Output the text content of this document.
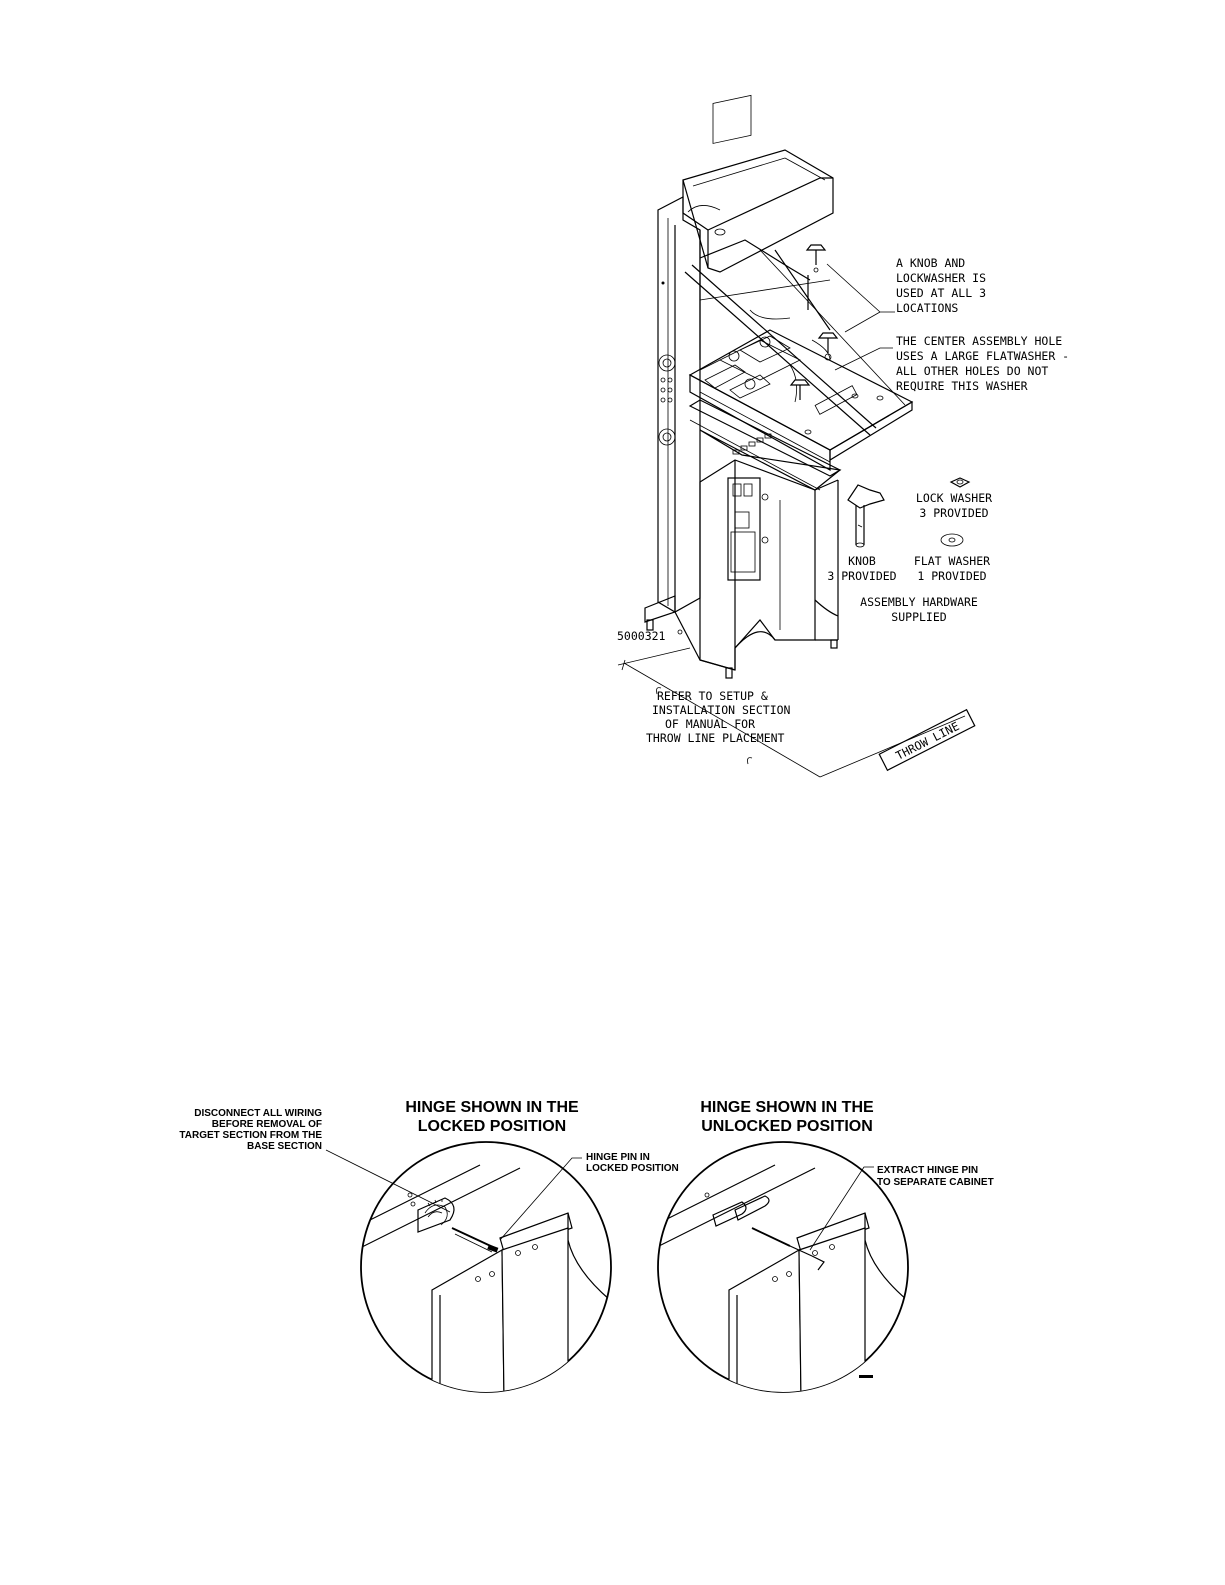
5000321
A KNOB AND
LOCKWASHER IS
USED AT ALL 3
LOCATIONS
THE CENTER ASSEMBLY HOLE
USES A LARGE FLATWASHER -
ALL OTHER HOLES DO NOT
REQUIRE THIS WASHER
LOCK WASHER
3 PROVIDED
KNOB
3 PROVIDED
FLAT WASHER
1 PROVIDED
ASSEMBLY HARDWARE
SUPPLIED
THROW LINE
REFER TO SETUP &
INSTALLATION SECTION
OF MANUAL FOR
THROW LINE PLACEMENT
HINGE SHOWN IN THE
LOCKED POSITION
HINGE SHOWN IN THE
UNLOCKED POSITION
DISCONNECT ALL WIRING
BEFORE REMOVAL OF
TARGET SECTION FROM THE
BASE SECTION
HINGE PIN IN
LOCKED POSITION	EXTRACT HINGE PIN
TO SEPARATE CABINET
